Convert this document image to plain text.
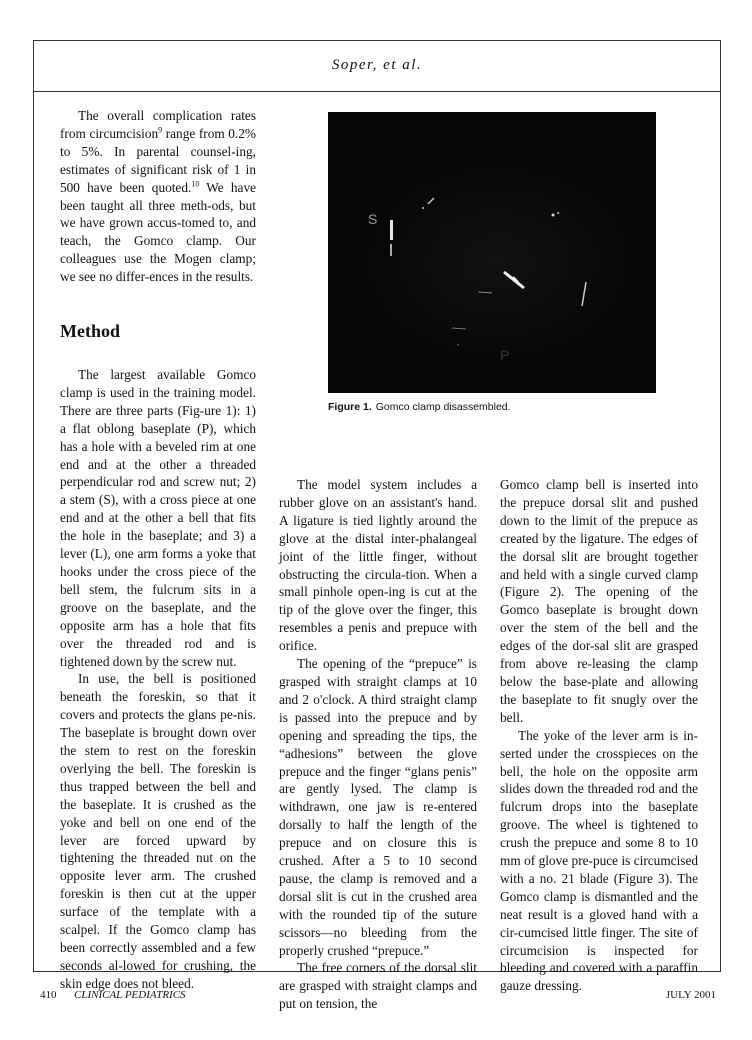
Soper, et al.

The overall complication rates from circumcision$^9$ range from 0.2% to 5%. In parental counsel-ing, estimates of significant risk of 1 in 500 have been quoted.$^{10}$ We have been taught all three meth-ods, but we have grown accus-tomed to, and teach, the Gomco clamp. Our colleagues use the Mogen clamp; we see no differ-ences in the results.

Method

The largest available Gomco clamp is used in the training model. There are three parts (Fig-ure 1): 1) a flat oblong baseplate (P), which has a hole with a beveled rim at one end and at the other a threaded perpendicular rod and screw nut; 2) a stem (S), with a cross piece at one end and at the other a bell that fits the hole in the baseplate; and 3) a lever (L), one arm forms a yoke that hooks under the cross piece of the bell stem, the fulcrum sits in a groove on the baseplate, and the opposite arm has a hole that fits over the threaded rod and is tightened down by the screw nut.

In use, the bell is positioned beneath the foreskin, so that it covers and protects the glans pe-nis. The baseplate is brought down over the stem to rest on the foreskin overlying the bell. The foreskin is thus trapped between the bell and the baseplate. It is crushed as the yoke and bell on one end of the lever are forced upward by tightening the threaded nut on the opposite lever arm. The crushed foreskin is then cut at the upper surface of the template with a scalpel. If the Gomco clamp has been correctly assembled and a few seconds al-lowed for crushing, the skin edge does not bleed.

S
P
Figure 1. Gomco clamp disassembled.

The model system includes a rubber glove on an assistant's hand. A ligature is tied lightly around the glove at the distal inter-phalangeal joint of the little finger, without obstructing the circula-tion. When a small pinhole open-ing is cut at the tip of the glove over the finger, this resembles a penis and prepuce with orifice.

The opening of the “prepuce” is grasped with straight clamps at 10 and 2 o'clock. A third straight clamp is passed into the prepuce and by opening and spreading the tips, the “adhesions” between the glove prepuce and the finger “glans penis” are gently lysed. The clamp is withdrawn, one jaw is re-entered dorsally to half the length of the prepuce and on closure this is crushed. After a 5 to 10 second pause, the clamp is removed and a dorsal slit is cut in the crushed area with the rounded tip of the suture scissors—no bleeding from the properly crushed “prepuce.”

The free corners of the dorsal slit are grasped with straight clamps and put on tension, the

Gomco clamp bell is inserted into the prepuce dorsal slit and pushed down to the limit of the prepuce as created by the ligature. The edges of the dorsal slit are brought together and held with a single curved clamp (Figure 2). The opening of the Gomco baseplate is brought down over the stem of the bell and the edges of the dor-sal slit are grasped from above re-leasing the clamp below the base-plate and allowing the baseplate to fit snugly over the bell.

The yoke of the lever arm is in-serted under the crosspieces on the bell, the hole on the opposite arm slides down the threaded rod and the fulcrum drops into the baseplate groove. The wheel is tightened to crush the prepuce and some 8 to 10 mm of glove pre-puce is circumcised with a no. 21 blade (Figure 3). The Gomco clamp is dismantled and the neat result is a gloved hand with a cir-cumcised little finger. The site of circumcision is inspected for bleeding and covered with a paraffin gauze dressing.

410 CLINICAL PEDIATRICS	JULY 2001
